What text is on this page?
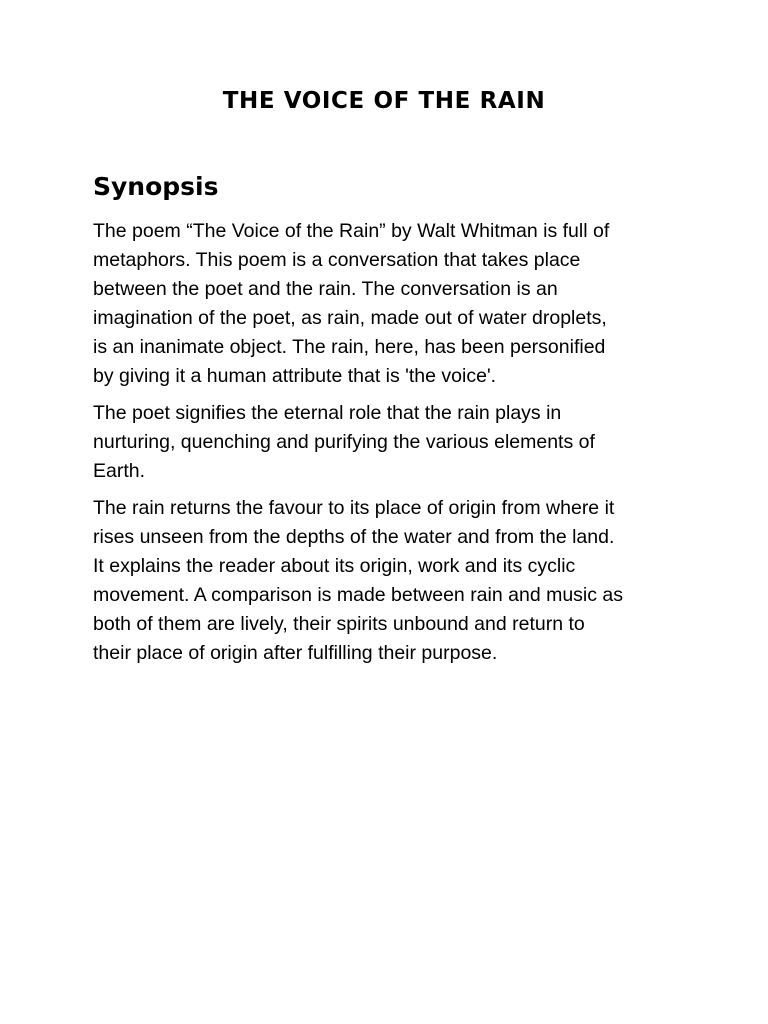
THE VOICE OF THE RAIN
Synopsis

The poem “The Voice of the Rain” by Walt Whitman is full of
metaphors. This poem is a conversation that takes place
between the poet and the rain. The conversation is an
imagination of the poet, as rain, made out of water droplets,
is an inanimate object. The rain, here, has been personified
by giving it a human attribute that is 'the voice'.

The poet signifies the eternal role that the rain plays in
nurturing, quenching and purifying the various elements of
Earth.

The rain returns the favour to its place of origin from where it
rises unseen from the depths of the water and from the land.
It explains the reader about its origin, work and its cyclic
movement. A comparison is made between rain and music as
both of them are lively, their spirits unbound and return to
their place of origin after fulfilling their purpose.
